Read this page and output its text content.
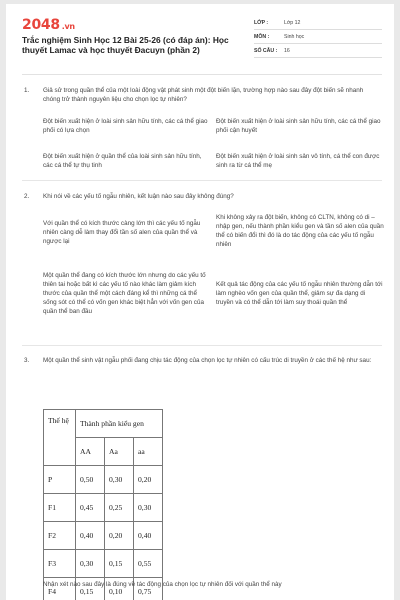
2048 .vn
Trắc nghiệm Sinh Học 12 Bài 25-26 (có đáp án): Học thuyết Lamac và học thuyết Đacuyn (phần 2)
LỚP :	Lớp 12
MÔN :	Sinh học
SỐ CÂU :	16
1. Giả sử trong quần thể của một loài động vật phát sinh một đột biến lặn, trường hợp nào sau đây đột biến sẽ nhanh chóng trở thành nguyên liệu cho chọn lọc tự nhiên?
Đột biến xuất hiện ở loài sinh sản hữu tính, các cá thể giao phối có lựa chọn
Đột biến xuất hiện ở loài sinh sản hữu tính, các cá thể giao phối cận huyết
Đột biến xuất hiện ở quần thể của loài sinh sản hữu tính, các cá thể tự thụ tinh
Đột biến xuất hiện ở loài sinh sản vô tính, cá thể con được sinh ra từ cá thể mẹ
2. Khi nói về các yếu tố ngẫu nhiên, kết luận nào sau đây không đúng?
Với quần thể có kích thước càng lớn thì các yếu tố ngẫu nhiên càng dễ làm thay đổi tần số alen của quần thể và ngược lại
Khi không xảy ra đột biến, không có CLTN, không có di – nhập gen, nếu thành phần kiểu gen và tần số alen của quần thể có biến đổi thì đó là do tác động của các yếu tố ngẫu nhiên
Một quần thể đang có kích thước lớn nhưng do các yếu tố thiên tai hoặc bất kì các yếu tố nào khác làm giảm kích thước của quần thể một cách đáng kể thì những cá thể sống sót có thể có vốn gen khác biệt hẳn với vốn gen của quần thể ban đầu
Kết quả tác động của các yếu tố ngẫu nhiên thường dẫn tới làm nghèo vốn gen của quần thể, giảm sự đa dạng di truyền và có thể dẫn tới làm suy thoái quần thể
3. Một quần thể sinh vật ngẫu phối đang chịu tác động của chọn lọc tự nhiên có cấu trúc di truyền ở các thế hệ như sau:
Thế hệ	Thành phần kiểu gen		
	AA	Aa	aa
P	0,50	0,30	0,20
F1	0,45	0,25	0,30
F2	0,40	0,20	0,40
F3	0,30	0,15	0,55
F4	0,15	0,10	0,75
Nhận xét nào sau đây là đúng về tác động của chọn lọc tự nhiên đối với quần thể này
